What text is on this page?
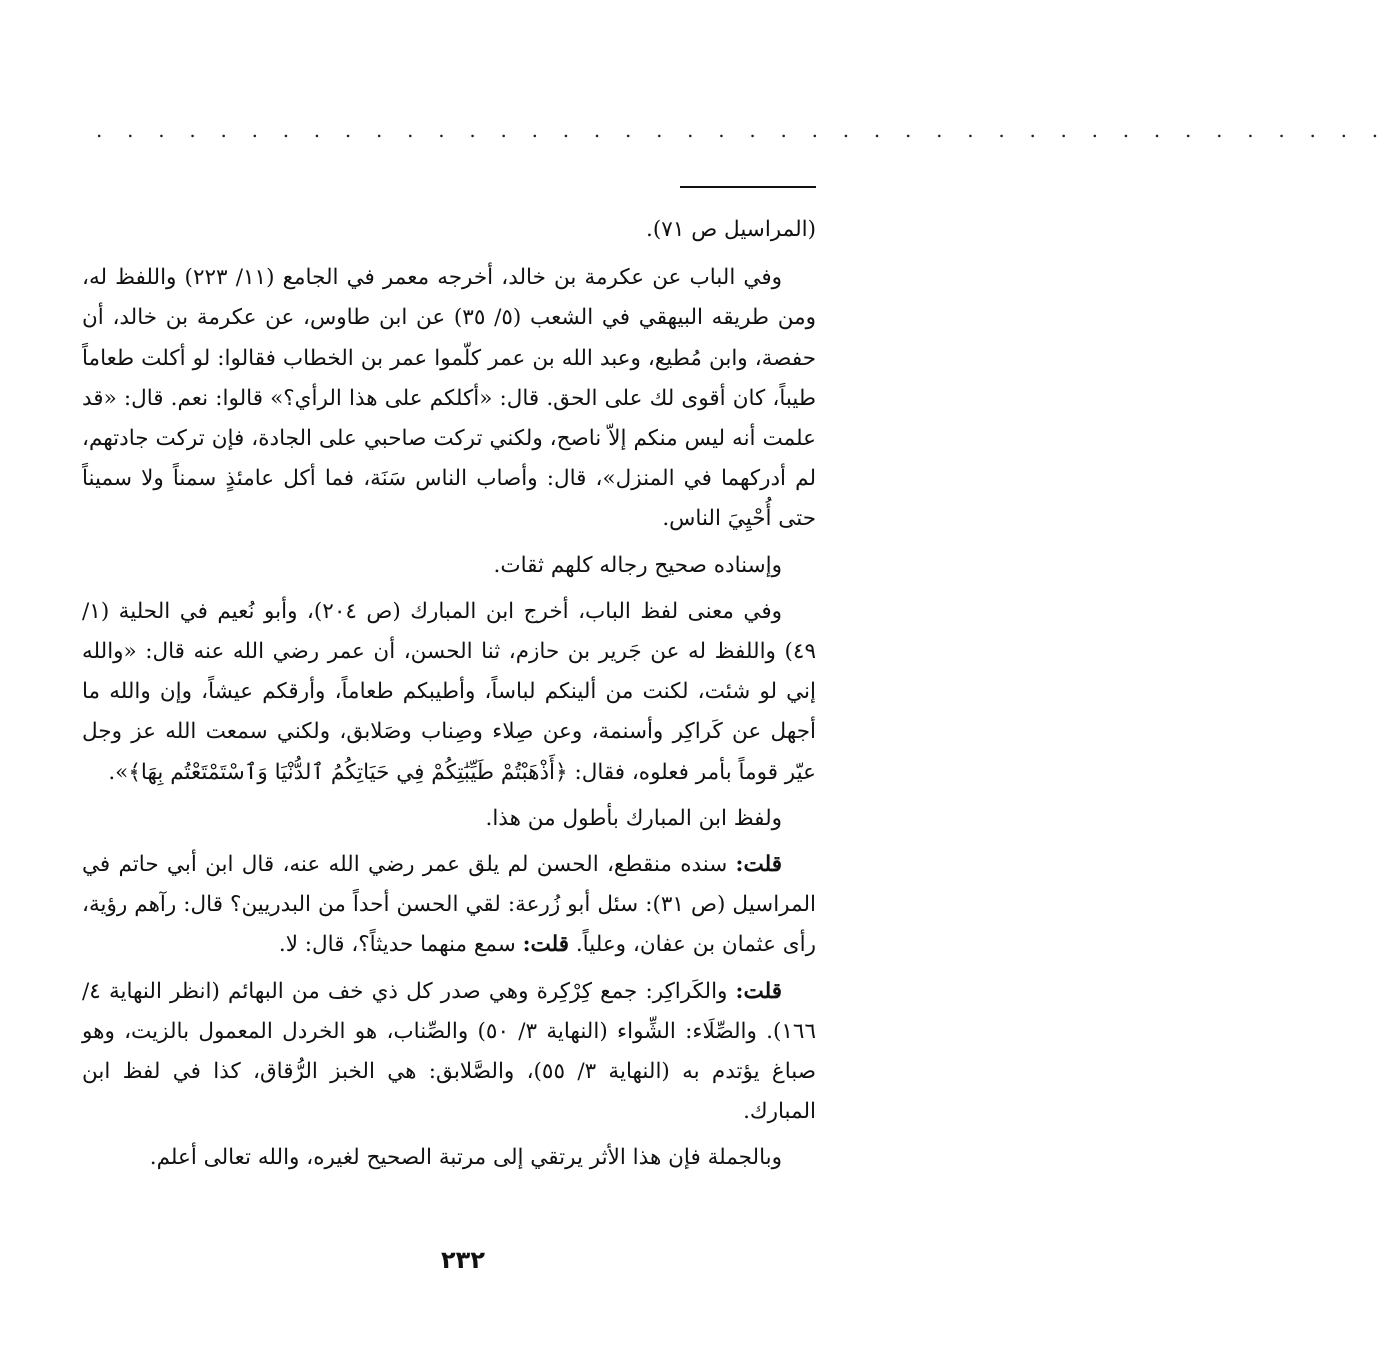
. . . . . . . . . . . . . . . . . . . . . . . . . . . . . . . . . . . . . . . . . .

(المراسيل ص ٧١).

وفي الباب عن عكرمة بن خالد، أخرجه معمر في الجامع (١١/ ٢٢٣) واللفظ له، ومن طريقه البيهقي في الشعب (٥/ ٣٥) عن ابن طاوس، عن عكرمة بن خالد، أن حفصة، وابن مُطيع، وعبد الله بن عمر كلّموا عمر بن الخطاب فقالوا: لو أكلت طعاماً طيباً، كان أقوى لك على الحق. قال: «أكلكم على هذا الرأي؟» قالوا: نعم. قال: «قد علمت أنه ليس منكم إلاّ ناصح، ولكني تركت صاحبي على الجادة، فإن تركت جادتهم، لم أدركهما في المنزل»، قال: وأصاب الناس سَنَة، فما أكل عامئذٍ سمناً ولا سميناً حتى أُحْيِيَ الناس.

وإسناده صحيح رجاله كلهم ثقات.

وفي معنى لفظ الباب، أخرج ابن المبارك (ص ٢٠٤)، وأبو نُعيم في الحلية (١/ ٤٩) واللفظ له عن جَرير بن حازم، ثنا الحسن، أن عمر رضي الله عنه قال: «والله إني لو شئت، لكنت من ألينكم لباساً، وأطيبكم طعاماً، وأرقكم عيشاً، وإن والله ما أجهل عن كَراكِر وأسنمة، وعن صِلاء وصِناب وصَلابق، ولكني سمعت الله عز وجل عيّر قوماً بأمر فعلوه، فقال: ﴿أَذْهَبْتُمْ طَيِّبَٰتِكُمْ فِي حَيَاتِكُمُ ٱلدُّنْيَا وَٱسْتَمْتَعْتُم بِهَا﴾».

ولفظ ابن المبارك بأطول من هذا.

قلت: سنده منقطع، الحسن لم يلق عمر رضي الله عنه، قال ابن أبي حاتم في المراسيل (ص ٣١): سئل أبو زُرعة: لقي الحسن أحداً من البدريين؟ قال: رآهم رؤية، رأى عثمان بن عفان، وعلياً. قلت: سمع منهما حديثاً؟، قال: لا.

قلت: والكَراكِر: جمع كِرْكِرة وهي صدر كل ذي خف من البهائم (انظر النهاية ٤/ ١٦٦). والصِّلَاء: الشِّواء (النهاية ٣/ ٥٠) والصِّناب، هو الخردل المعمول بالزيت، وهو صباغ يؤتدم به (النهاية ٣/ ٥٥)، والصَّلابق: هي الخبز الرُّقاق، كذا في لفظ ابن المبارك.

وبالجملة فإن هذا الأثر يرتقي إلى مرتبة الصحيح لغيره، والله تعالى أعلم.

٢٣٢
